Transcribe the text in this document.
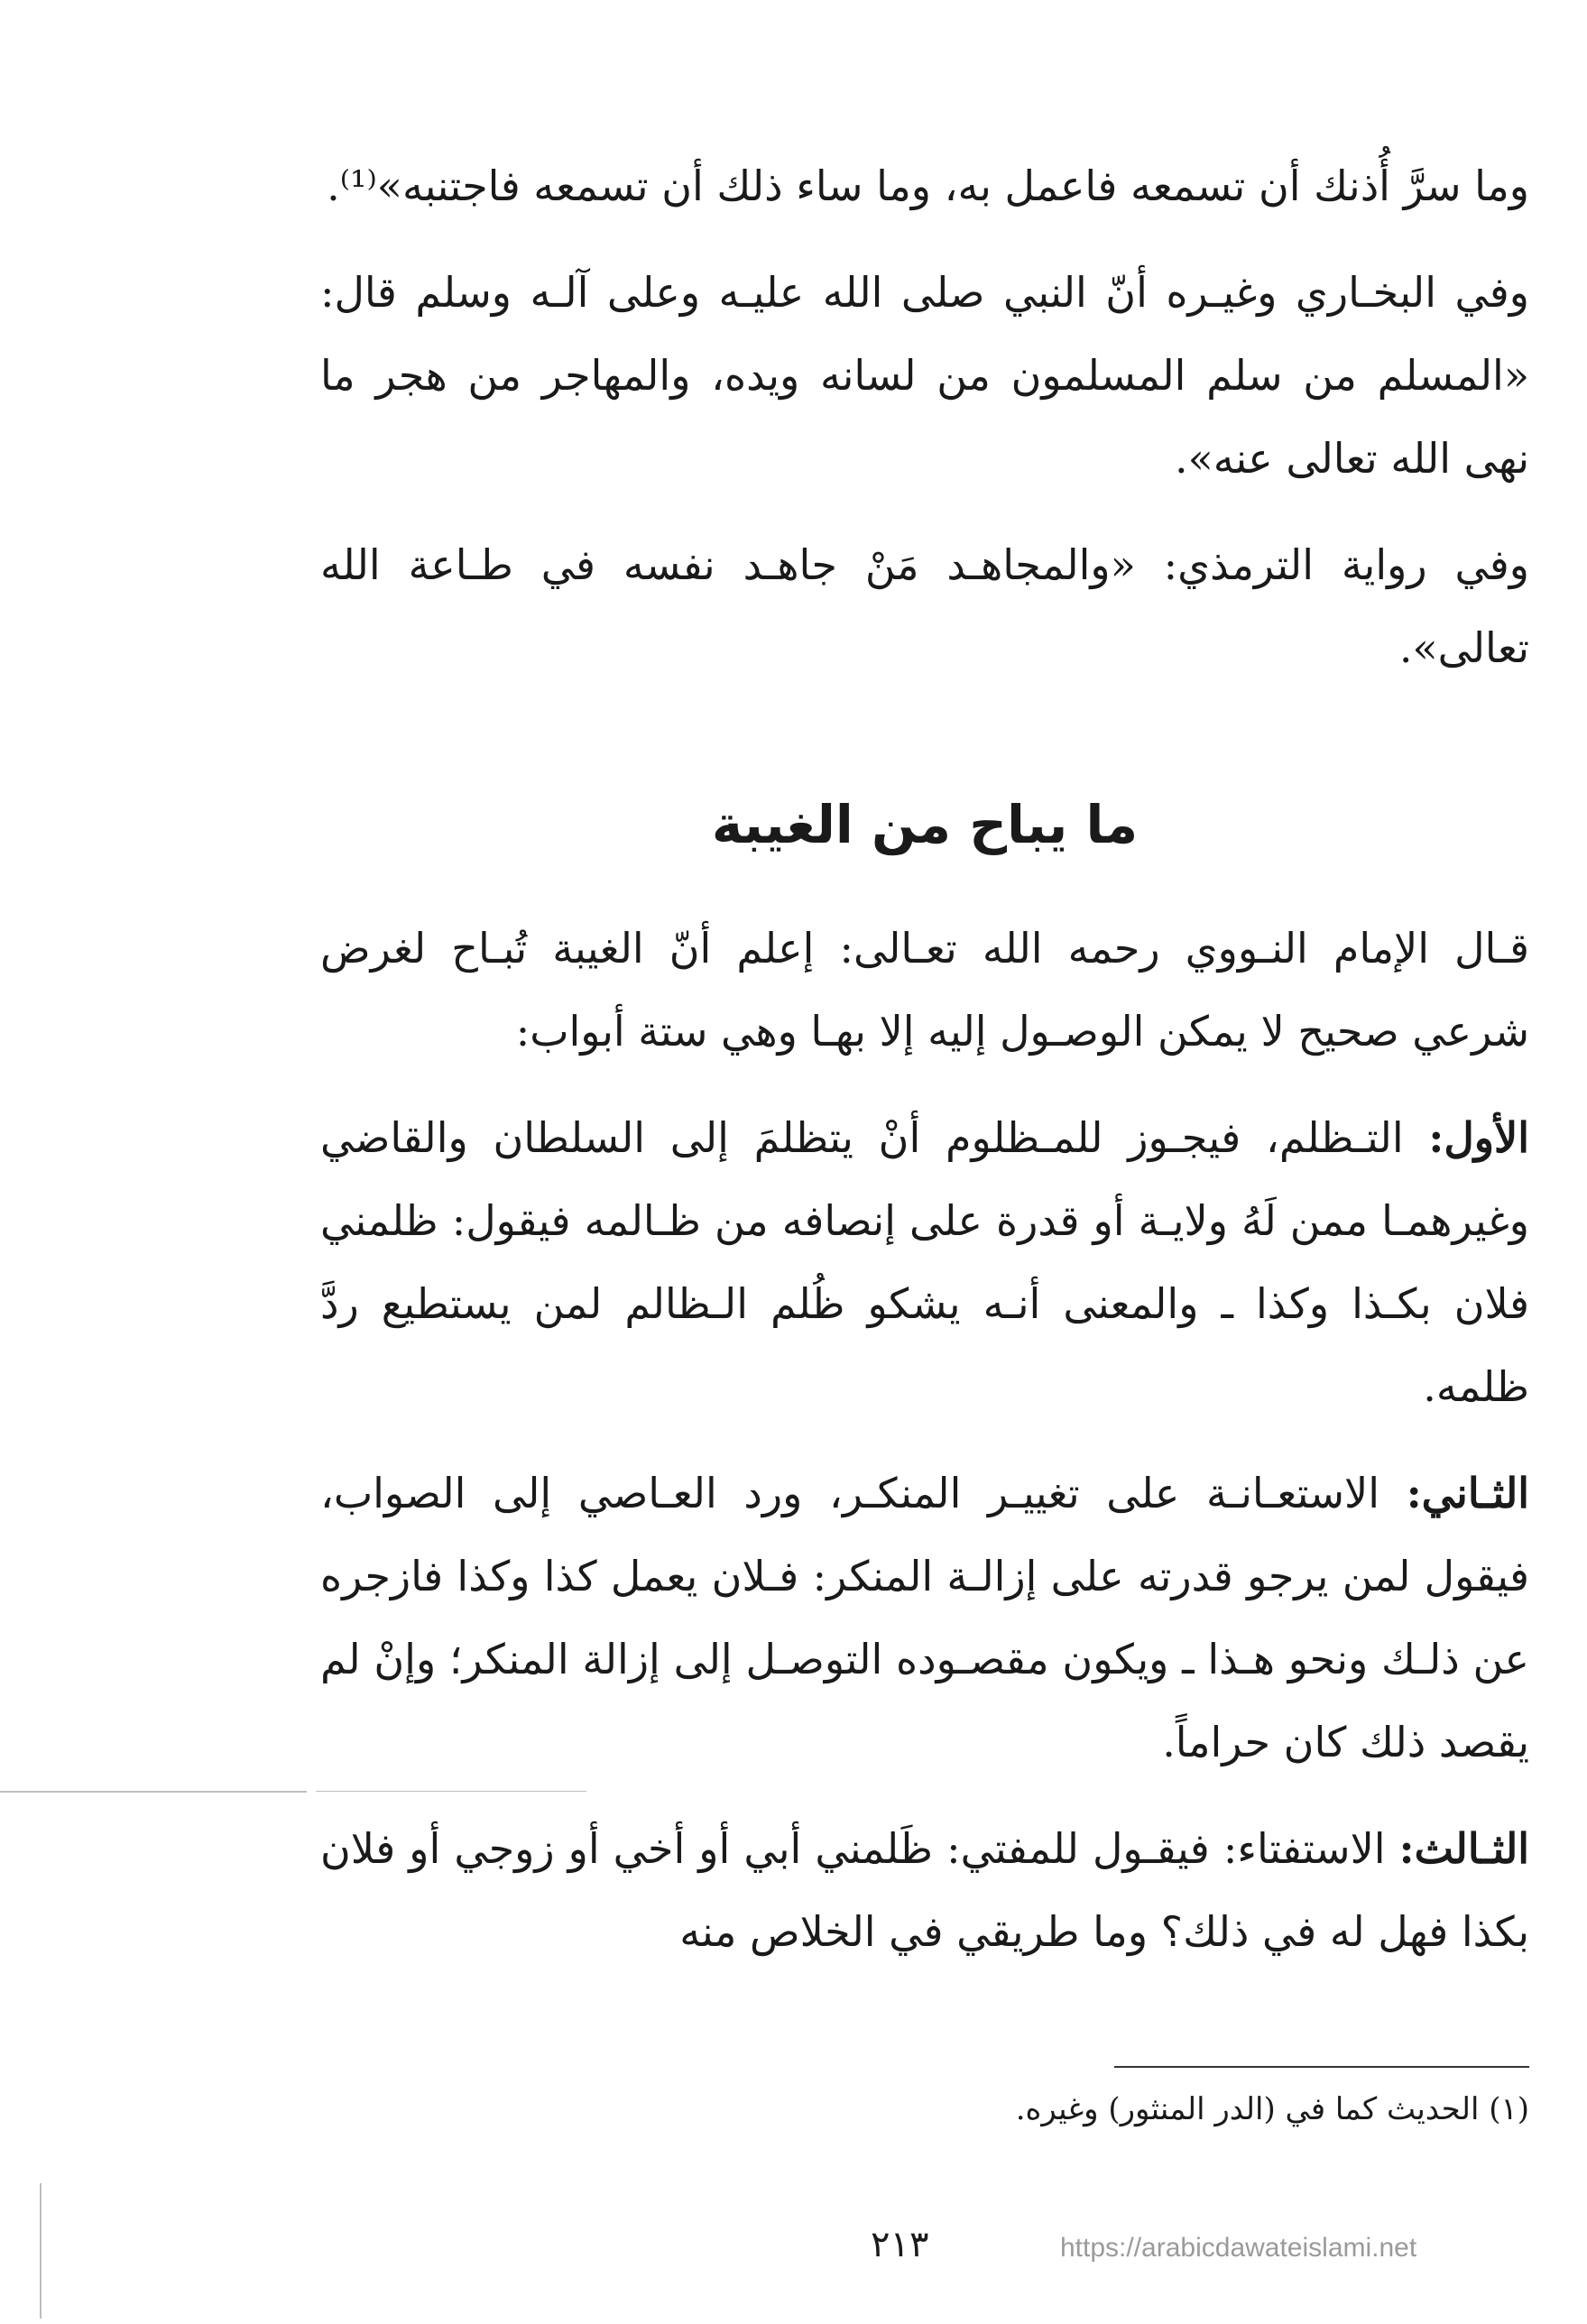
وما سرَّ أُذنك أن تسمعه فاعمل به، وما ساء ذلك أن تسمعه فاجتنبه»⁽¹⁾.

وفي البخـاري وغيـره أنّ النبي صلى الله عليـه وعلى آلـه وسلم قال: «المسلم من سلم المسلمون من لسانه ويده، والمهاجر من هجر ما نهى الله تعالى عنه».

وفي رواية الترمذي: «والمجاهـد مَنْ جاهـد نفسه في طـاعة الله تعالى».

ما يباح من الغيبة

قـال الإمام النـووي رحمه الله تعـالى: إعلم أنّ الغيبة تُبـاح لغرض شرعي صحيح لا يمكن الوصـول إليه إلا بهـا وهي ستة أبواب:

الأول: التـظلم، فيجـوز للمـظلوم أنْ يتظلمَ إلى السلطان والقاضي وغيرهمـا ممن لَهُ ولايـة أو قدرة على إنصافه من ظـالمه فيقول: ظلمني فلان بكـذا وكذا ـ والمعنى أنـه يشكو ظُلم الـظالم لمن يستطيع ردَّ ظلمه.

الثـاني: الاستعـانـة على تغييـر المنكـر، ورد العـاصي إلى الصواب، فيقول لمن يرجو قدرته على إزالـة المنكر: فـلان يعمل كذا وكذا فازجره عن ذلـك ونحو هـذا ـ ويكون مقصـوده التوصـل إلى إزالة المنكر؛ وإنْ لم يقصد ذلك كان حراماً.

الثـالث: الاستفتاء: فيقـول للمفتي: ظَلمني أبي أو أخي أو زوجي أو فلان بكذا فهل له في ذلك؟ وما طريقي في الخلاص منه

(١) الحديث كما في (الدر المنثور) وغيره.
٢١٣	https://arabicdawateislami.net
